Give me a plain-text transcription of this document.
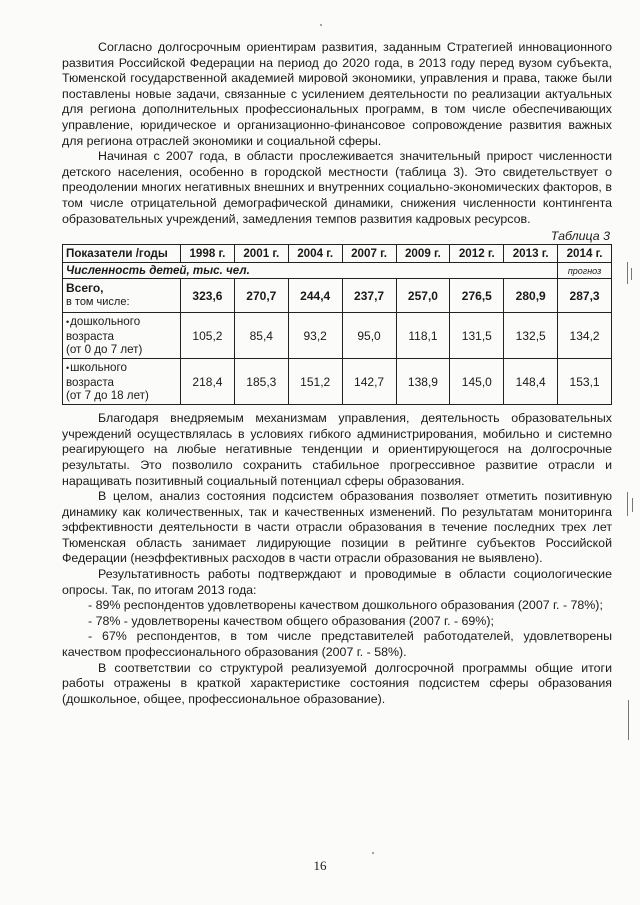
Согласно долгосрочным ориентирам развития, заданным Стратегией инновационного развития Российской Федерации на период до 2020 года, в 2013 году перед вузом субъекта, Тюменской государственной академией мировой экономики, управления и права, также были поставлены новые задачи, связанные с усилением деятельности по реализации актуальных для региона дополнительных профессиональных программ, в том числе обеспечивающих управление, юридическое и организационно-финансовое сопровождение развития важных для региона отраслей экономики и социальной сферы.

Начиная с 2007 года, в области прослеживается значительный прирост численности детского населения, особенно в городской местности (таблица 3). Это свидетельствует о преодолении многих негативных внешних и внутренних социально-экономических факторов, в том числе отрицательной демографической динамики, снижения численности контингента образовательных учреждений, замедления темпов развития кадровых ресурсов.

Таблица 3
Показатели /годы	1998 г.	2001 г.	2004 г.	2007 г.	2009 г.	2012 г.	2013 г.	2014 г.
Численность детей, тыс. чел.								прогноз

Всего,
в том числе:	323,6	270,7	244,4	237,7	257,0	276,5	280,9	287,3

•дошкольного
возраста
(от 0 до 7 лет)	105,2	85,4	93,2	95,0	118,1	131,5	132,5	134,2

•школьного
возраста
(от 7 до 18 лет)	218,4	185,3	151,2	142,7	138,9	145,0	148,4	153,1

Благодаря внедряемым механизмам управления, деятельность образовательных учреждений осуществлялась в условиях гибкого администрирования, мобильно и системно реагирующего на любые негативные тенденции и ориентирующегося на долгосрочные результаты. Это позволило сохранить стабильное прогрессивное развитие отрасли и наращивать позитивный социальный потенциал сферы образования.

В целом, анализ состояния подсистем образования позволяет отметить позитивную динамику как количественных, так и качественных изменений. По результатам мониторинга эффективности деятельности в части отрасли образования в течение последних трех лет Тюменская область занимает лидирующие позиции в рейтинге субъектов Российской Федерации (неэффективных расходов в части отрасли образования не выявлено).

Результативность работы подтверждают и проводимые в области социологические опросы. Так, по итогам 2013 года:

- 89% респондентов удовлетворены качеством дошкольного образования (2007 г. - 78%);

- 78% - удовлетворены качеством общего образования (2007 г. - 69%);

- 67% респондентов, в том числе представителей работодателей, удовлетворены качеством профессионального образования (2007 г. - 58%).

В соответствии со структурой реализуемой долгосрочной программы общие итоги работы отражены в краткой характеристике состояния подсистем сферы образования (дошкольное, общее, профессиональное образование).

16
